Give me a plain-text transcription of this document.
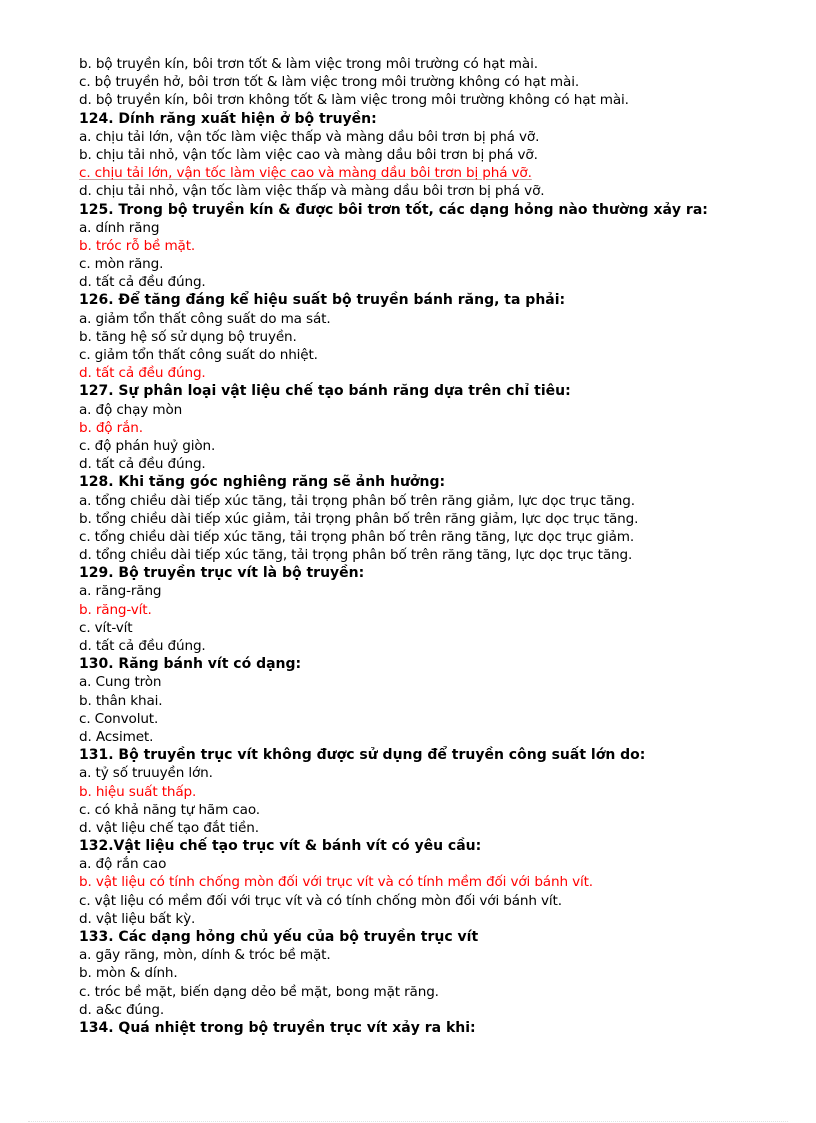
b. bộ truyền kín, bôi trơn tốt & làm việc trong môi trường có hạt mài.
c. bộ truyền hở, bôi trơn tốt & làm việc trong môi trường không có hạt mài.
d. bộ truyền kín, bôi trơn không tốt & làm việc trong môi trường không có hạt mài.
124. Dính răng xuất hiện ở bộ truyền:
a. chịu tải lớn, vận tốc làm việc thấp và màng dầu bôi trơn bị phá vỡ.
b. chịu tải nhỏ, vận tốc làm việc cao và màng dầu bôi trơn bị phá vỡ.
c. chịu tải lớn, vận tốc làm việc cao và màng dầu bôi trơn bị phá vỡ.
d. chịu tải nhỏ, vận tốc làm việc thấp và màng dầu bôi trơn bị phá vỡ.
125. Trong bộ truyền kín & được bôi trơn tốt, các dạng hỏng nào thường xảy ra:
a. dính răng
b. tróc rỗ bề mặt.
c. mòn răng.
d. tất cả đều đúng.
126. Để tăng đáng kể hiệu suất bộ truyền bánh răng, ta phải:
a. giảm tổn thất công suất do ma sát.
b. tăng hệ số sử dụng bộ truyền.
c. giảm tổn thất công suất do nhiệt.
d. tất cả đều đúng.
127. Sự phân loại vật liệu chế tạo bánh răng dựa trên chỉ tiêu:
a. độ chạy mòn
b. độ rắn.
c. độ phán huỷ giòn.
d. tất cả đều đúng.
128. Khi tăng góc nghiêng răng sẽ ảnh hưởng:
a. tổng chiều dài tiếp xúc tăng, tải trọng phân bố trên răng giảm, lực dọc trục tăng.
b. tổng chiều dài tiếp xúc giảm, tải trọng phân bố trên răng giảm, lực dọc trục tăng.
c. tổng chiều dài tiếp xúc tăng, tải trọng phân bố trên răng tăng, lực dọc trục giảm.
d. tổng chiều dài tiếp xúc tăng, tải trọng phân bố trên răng tăng, lực dọc trục tăng.
129. Bộ truyền trục vít là bộ truyền:
a. răng-răng
b. răng-vít.
c. vít-vít
d. tất cả đều đúng.
130. Răng bánh vít có dạng:
a. Cung tròn
b. thân khai.
c. Convolut.
d. Acsimet.
131. Bộ truyền trục vít không được sử dụng để truyền công suất lớn do:
a. tỷ số truuyền lớn.
b. hiệu suất thấp.
c. có khả năng tự hãm cao.
d. vật liệu chế tạo đắt tiền.
132.Vật liệu chế tạo trục vít & bánh vít có yêu cầu:
a. độ rắn cao
b. vật liệu có tính chống mòn đối với trục vít và có tính mềm đối với bánh vít.
c. vật liệu có mềm đối với trục vít và có tính chống mòn đối với bánh vít.
d. vật liệu bất kỳ.
133. Các dạng hỏng chủ yếu của bộ truyền trục vít
a. gãy răng, mòn, dính & tróc bề mặt.
b. mòn & dính.
c. tróc bề mặt, biến dạng dẻo bề mặt, bong mặt răng.
d. a&c đúng.
134. Quá nhiệt trong bộ truyền trục vít xảy ra khi:
